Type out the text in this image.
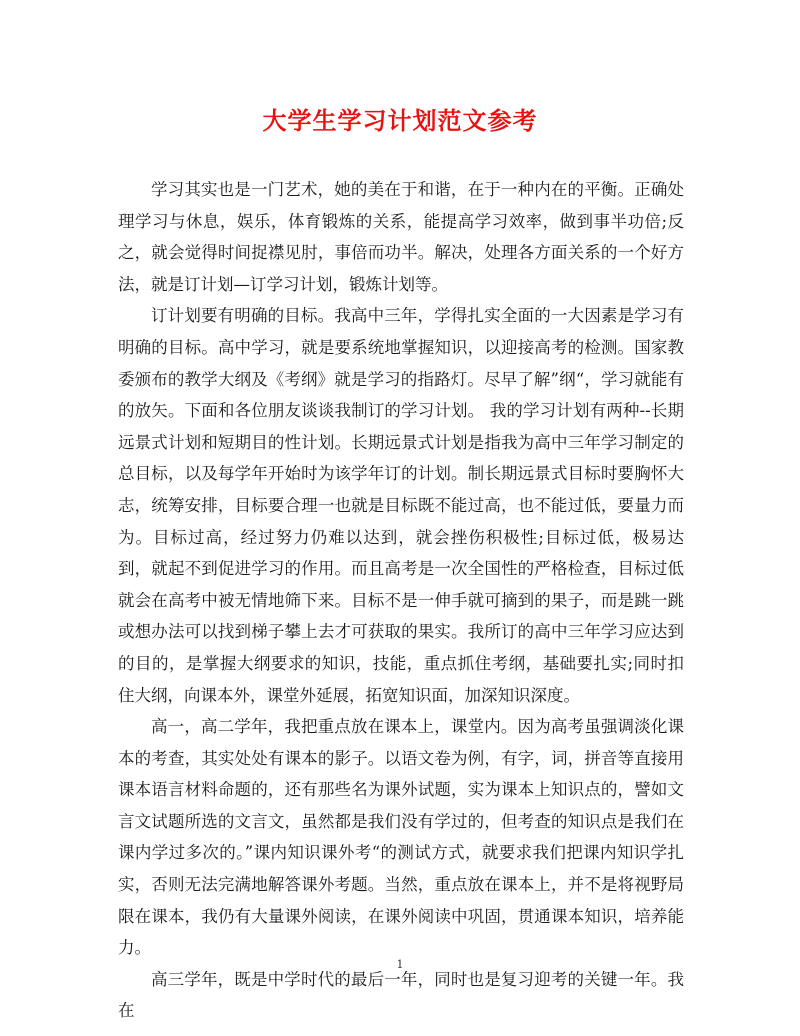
大学生学习计划范文参考

学习其实也是一门艺术，她的美在于和谐，在于一种内在的平衡。正确处理学习与休息，娱乐，体育锻炼的关系，能提高学习效率，做到事半功倍;反之，就会觉得时间捉襟见肘，事倍而功半。解决，处理各方面关系的一个好方法，就是订计划—订学习计划，锻炼计划等。

订计划要有明确的目标。我高中三年，学得扎实全面的一大因素是学习有明确的目标。高中学习，就是要系统地掌握知识，以迎接高考的检测。国家教委颁布的教学大纲及《考纲》就是学习的指路灯。尽早了解”纲“，学习就能有的放矢。下面和各位朋友谈谈我制订的学习计划。 我的学习计划有两种--长期远景式计划和短期目的性计划。长期远景式计划是指我为高中三年学习制定的总目标，以及每学年开始时为该学年订的计划。制长期远景式目标时要胸怀大志，统筹安排，目标要合理一也就是目标既不能过高，也不能过低，要量力而为。目标过高，经过努力仍难以达到，就会挫伤积极性;目标过低，极易达到，就起不到促进学习的作用。而且高考是一次全国性的严格检查，目标过低就会在高考中被无情地筛下来。目标不是一伸手就可摘到的果子，而是跳一跳或想办法可以找到梯子攀上去才可获取的果实。我所订的高中三年学习应达到的目的，是掌握大纲要求的知识，技能，重点抓住考纲，基础要扎实;同时扣住大纲，向课本外，课堂外延展，拓宽知识面，加深知识深度。

高一，高二学年，我把重点放在课本上，课堂内。因为高考虽强调淡化课本的考查，其实处处有课本的影子。以语文卷为例，有字，词，拼音等直接用课本语言材料命题的，还有那些名为课外试题，实为课本上知识点的，譬如文言文试题所选的文言文，虽然都是我们没有学过的，但考查的知识点是我们在课内学过多次的。”课内知识课外考“的测试方式，就要求我们把课内知识学扎实，否则无法完满地解答课外考题。当然，重点放在课本上，并不是将视野局限在课本，我仍有大量课外阅读，在课外阅读中巩固，贯通课本知识，培养能力。

高三学年，既是中学时代的最后一年，同时也是复习迎考的关键一年。我在

1
